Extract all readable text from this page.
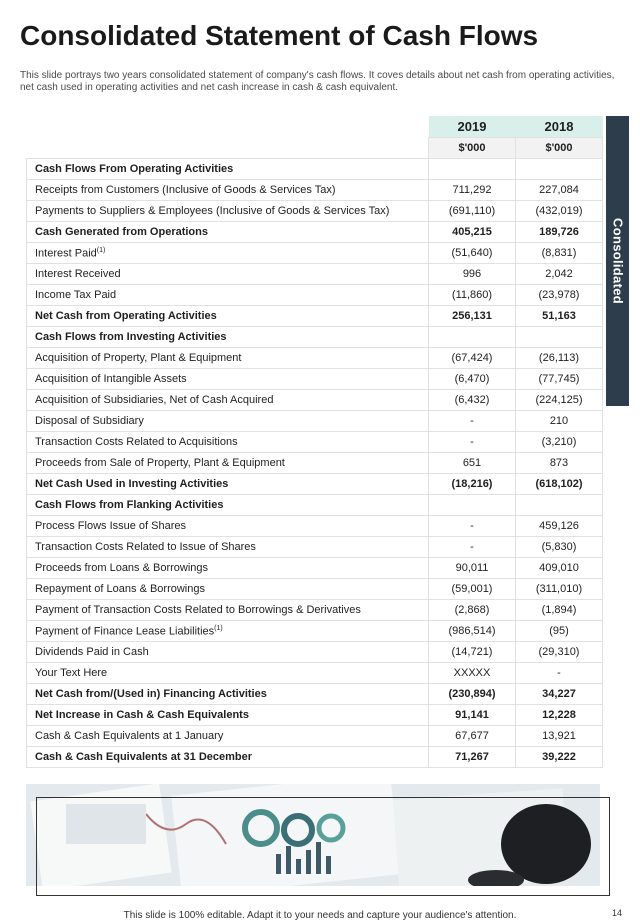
Consolidated Statement of Cash Flows

This slide portrays two years consolidated statement of company's cash flows. It coves details about net cash from operating activities, net cash used in operating activities and net cash increase in cash & cash equivalent.

	2019	2018
	$'000	$'000
Cash Flows From Operating Activities		
Receipts from Customers (Inclusive of Goods & Services Tax)	711,292	227,084
Payments to Suppliers & Employees (Inclusive of Goods & Services Tax)	(691,110)	(432,019)
Cash Generated from Operations	405,215	189,726
Interest Paid$^{(1)}$	(51,640)	(8,831)
Interest Received	996	2,042
Income Tax Paid	(11,860)	(23,978)
Net Cash from Operating Activities	256,131	51,163
Cash Flows from Investing Activities		
Acquisition of Property, Plant & Equipment	(67,424)	(26,113)
Acquisition of Intangible Assets	(6,470)	(77,745)
Acquisition of Subsidiaries, Net of Cash Acquired	(6,432)	(224,125)
Disposal of Subsidiary	-	210
Transaction Costs Related to Acquisitions	-	(3,210)
Proceeds from Sale of Property, Plant & Equipment	651	873
Net Cash Used in Investing Activities	(18,216)	(618,102)
Cash Flows from Flanking Activities		
Process Flows Issue of Shares	-	459,126
Transaction Costs Related to Issue of Shares	-	(5,830)
Proceeds from Loans & Borrowings	90,011	409,010
Repayment of Loans & Borrowings	(59,001)	(311,010)
Payment of Transaction Costs Related to Borrowings & Derivatives	(2,868)	(1,894)
Payment of Finance Lease Liabilities$^{(1)}$	(986,514)	(95)
Dividends Paid in Cash	(14,721)	(29,310)
Your Text Here	XXXXX	-
Net Cash from/(Used in) Financing Activities	(230,894)	34,227
Net Increase in Cash & Cash Equivalents	91,141	12,228
Cash & Cash Equivalents at 1 January	67,677	13,921
Cash & Cash Equivalents at 31 December	71,267	39,222
Consolidated
This slide is 100% editable. Adapt it to your needs and capture your audience's attention.	14
